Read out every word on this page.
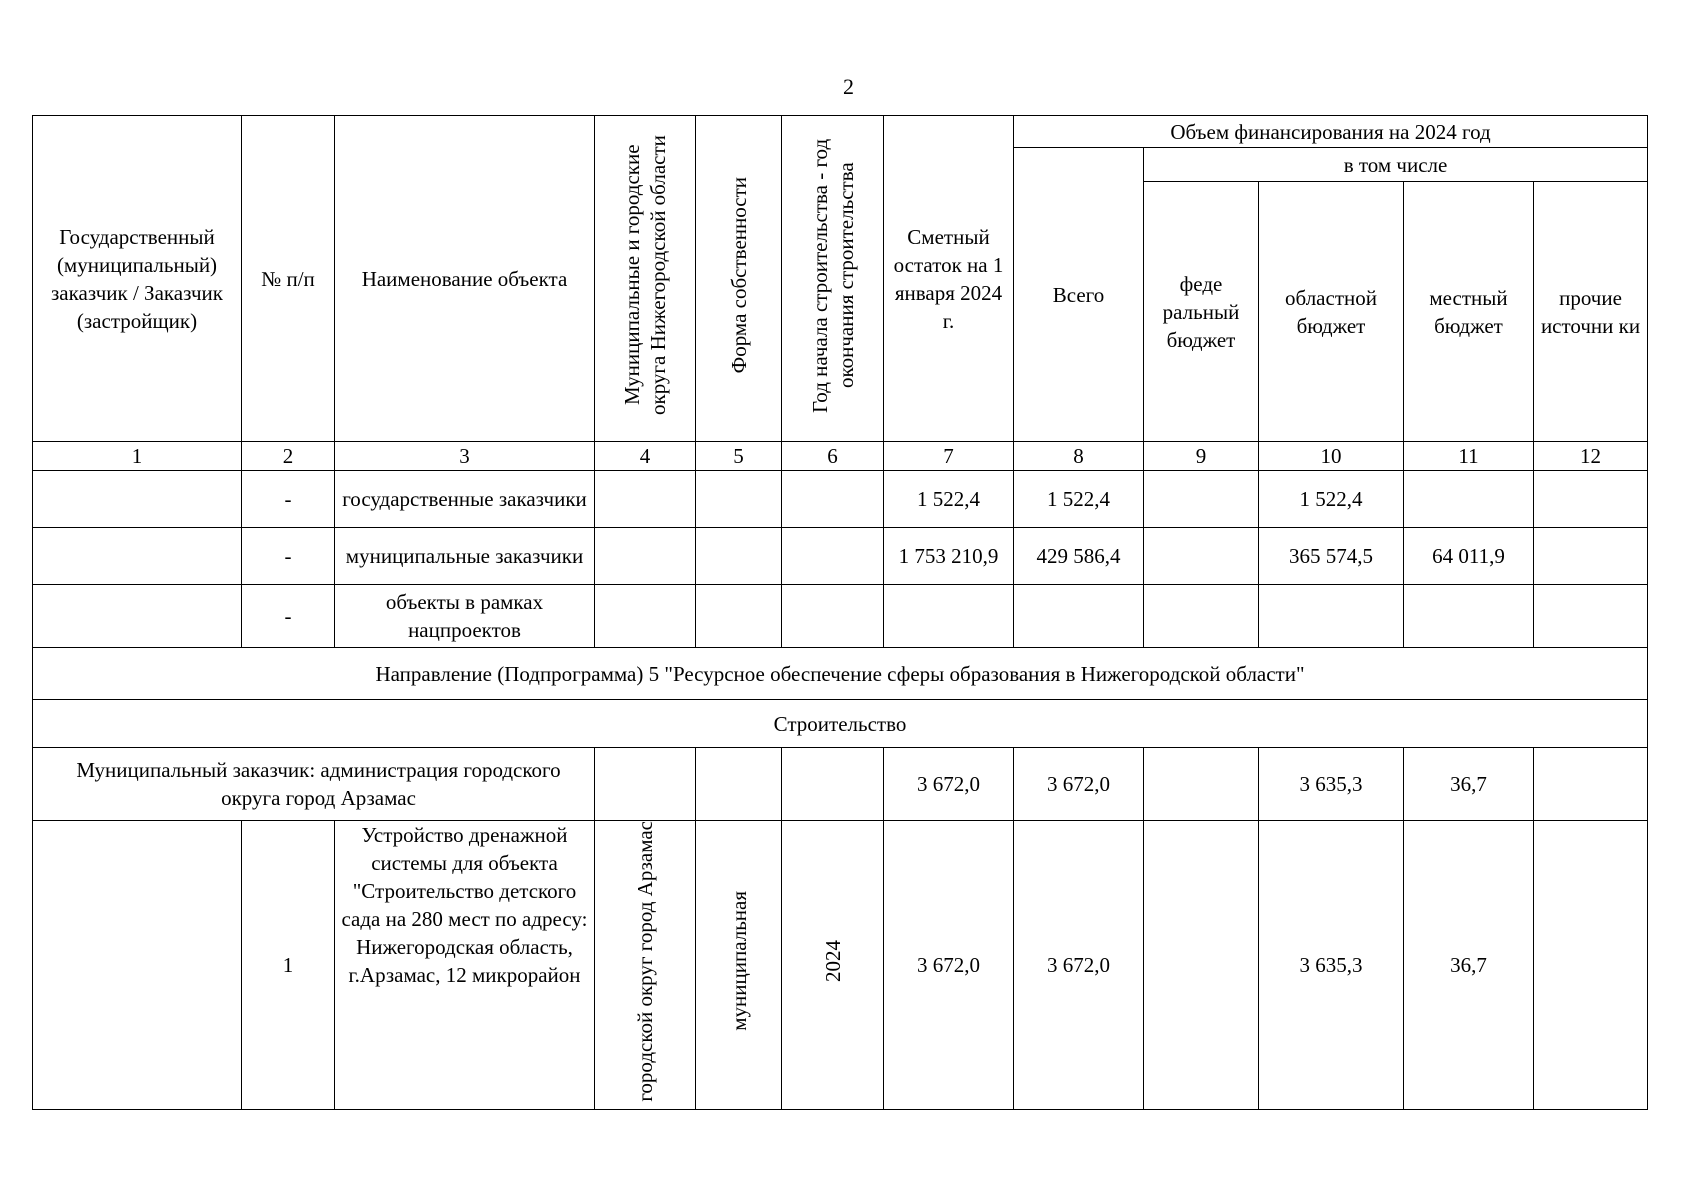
2
Государственный (муниципальный) заказчик / Заказчик (застройщик)	№ п/п	Наименование объекта	Муниципальные и городские округа Нижегородской области	Форма собственности	Год начала строительства - год окончания строительства	Сметный остаток на 1 января 2024 г.	Объем финансирования на 2024 год				
							Всего	в том числе			
								феде ральный бюджет	областной бюджет	местный бюджет	прочие источни ки
1	2	3	4	5	6	7	8	9	10	11	12
	-	государственные заказчики				1 522,4	1 522,4		1 522,4		
	-	муниципальные заказчики				1 753 210,9	429 586,4		365 574,5	64 011,9	
	-	объекты в рамках нацпроектов									
Направление (Подпрограмма) 5 "Ресурсное обеспечение сферы образования в Нижегородской области"											
Строительство											
Муниципальный заказчик: администрация городского округа город Арзамас						3 672,0	3 672,0		3 635,3	36,7	
	1	Устройство дренажной системы для объекта "Строительство детского сада на 280 мест по адресу: Нижегородская область, г.Арзамас, 12 микрорайон	городской округ город Арзамас	муниципальная	2024	3 672,0	3 672,0		3 635,3	36,7	
